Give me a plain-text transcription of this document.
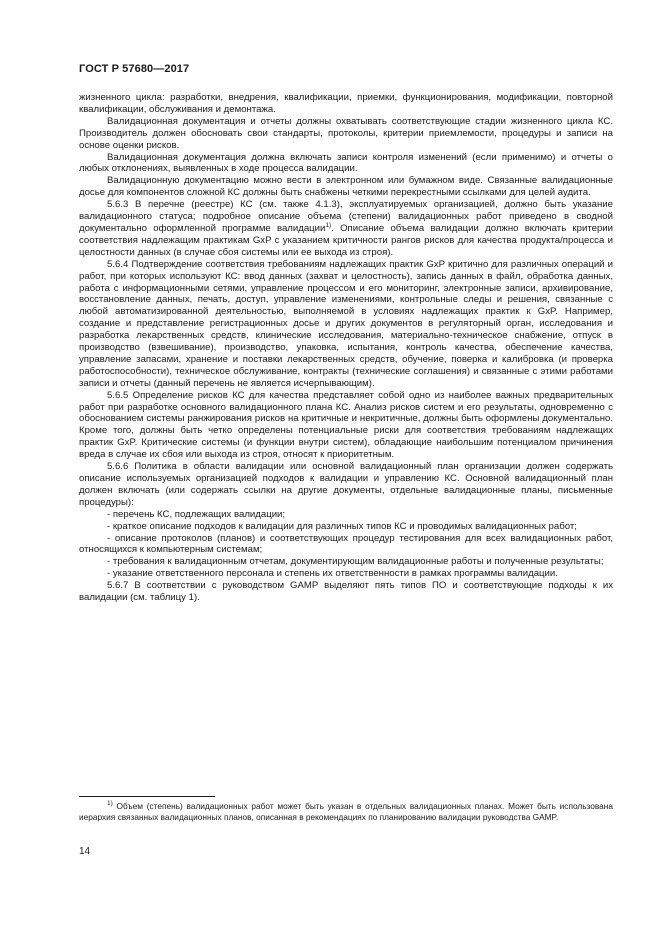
ГОСТ Р 57680—2017

жизненного цикла: разработки, внедрения, квалификации, приемки, функционирования, модификации, повторной квалификации, обслуживания и демонтажа.

Валидационная документация и отчеты должны охватывать соответствующие стадии жизненного цикла КС. Производитель должен обосновать свои стандарты, протоколы, критерии приемлемости, процедуры и записи на основе оценки рисков.

Валидационная документация должна включать записи контроля изменений (если применимо) и отчеты о любых отклонениях, выявленных в ходе процесса валидации.

Валидационную документацию можно вести в электронном или бумажном виде. Связанные валидационные досье для компонентов сложной КС должны быть снабжены четкими перекрестными ссылками для целей аудита.

5.6.3 В перечне (реестре) КС (см. также 4.1.3), эксплуатируемых организацией, должно быть указание валидационного статуса; подробное описание объема (степени) валидационных работ приведено в сводной документально оформленной программе валидации$^{1)}$. Описание объема валидации должно включать критерии соответствия надлежащим практикам GxP с указанием критичности рангов рисков для качества продукта/процесса и целостности данных (в случае сбоя системы или ее выхода из строя).

5.6.4 Подтверждение соответствия требованиям надлежащих практик GxP критично для различных операций и работ, при которых используют КС: ввод данных (захват и целостность), запись данных в файл, обработка данных, работа с информационными сетями, управление процессом и его мониторинг, электронные записи, архивирование, восстановление данных, печать, доступ, управление изменениями, контрольные следы и решения, связанные с любой автоматизированной деятельностью, выполняемой в условиях надлежащих практик к GxP. Например, создание и представление регистрационных досье и других документов в регуляторный орган, исследования и разработка лекарственных средств, клинические исследования, материально-техническое снабжение, отпуск в производство (взвешивание), производство, упаковка, испытания, контроль качества, обеспечение качества, управление запасами, хранение и поставки лекарственных средств, обучение, поверка и калибровка (и проверка работоспособности), техническое обслуживание, контракты (технические соглашения) и связанные с этими работами записи и отчеты (данный перечень не является исчерпывающим).

5.6.5 Определение рисков КС для качества представляет собой одно из наиболее важных предварительных работ при разработке основного валидационного плана КС. Анализ рисков систем и его результаты, одновременно с обоснованием системы ранжирования рисков на критичные и некритичные, должны быть оформлены документально. Кроме того, должны быть четко определены потенциальные риски для соответствия требованиям надлежащих практик GxP. Критические системы (и функции внутри систем), обладающие наибольшим потенциалом причинения вреда в случае их сбоя или выхода из строя, относят к приоритетным.

5.6.6 Политика в области валидации или основной валидационный план организации должен содержать описание используемых организацией подходов к валидации и управлению КС. Основной валидационный план должен включать (или содержать ссылки на другие документы, отдельные валидационные планы, письменные процедуры):

- перечень КС, подлежащих валидации;

- краткое описание подходов к валидации для различных типов КС и проводимых валидационных работ;

- описание протоколов (планов) и соответствующих процедур тестирования для всех валидационных работ, относящихся к компьютерным системам;

- требования к валидационным отчетам, документирующим валидационные работы и полученные результаты;

- указание ответственного персонала и степень их ответственности в рамках программы валидации.

5.6.7 В соответствии с руководством GAMP выделяют пять типов ПО и соответствующие подходы к их валидации (см. таблицу 1).

$^{1)}$ Объем (степень) валидационных работ может быть указан в отдельных валидационных планах. Может быть использована иерархия связанных валидационных планов, описанная в рекомендациях по планированию валидации руководства GAMP.

14
